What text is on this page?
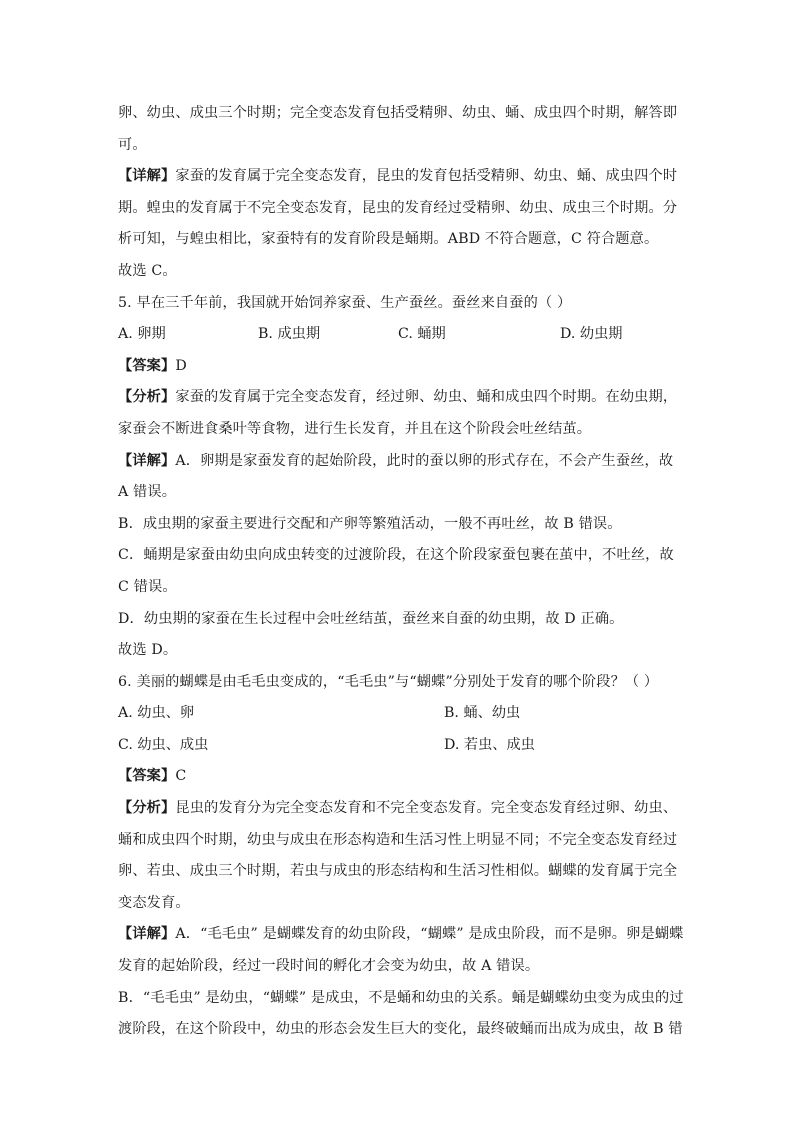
卵、幼虫、成虫三个时期；完全变态发育包括受精卵、幼虫、蛹、成虫四个时期，解答即
可。
【详解】家蚕的发育属于完全变态发育，昆虫的发育包括受精卵、幼虫、蛹、成虫四个时
期。蝗虫的发育属于不完全变态发育，昆虫的发育经过受精卵、幼虫、成虫三个时期。分
析可知，与蝗虫相比，家蚕特有的发育阶段是蛹期。ABD 不符合题意，C 符合题意。
故选 C。
5. 早在三千年前，我国就开始饲养家蚕、生产蚕丝。蚕丝来自蚕的（ ）
A. 卵期	B. 成虫期	C. 蛹期	D. 幼虫期
【答案】D
【分析】家蚕的发育属于完全变态发育，经过卵、幼虫、蛹和成虫四个时期。在幼虫期，
家蚕会不断进食桑叶等食物，进行生长发育，并且在这个阶段会吐丝结茧。
【详解】A．卵期是家蚕发育的起始阶段，此时的蚕以卵的形式存在，不会产生蚕丝，故
A 错误。
B．成虫期的家蚕主要进行交配和产卵等繁殖活动，一般不再吐丝，故 B 错误。
C．蛹期是家蚕由幼虫向成虫转变的过渡阶段，在这个阶段家蚕包裹在茧中，不吐丝，故
C 错误。
D．幼虫期的家蚕在生长过程中会吐丝结茧，蚕丝来自蚕的幼虫期，故 D 正确。
故选 D。
6. 美丽的蝴蝶是由毛毛虫变成的，“毛毛虫”与“蝴蝶”分别处于发育的哪个阶段？（ ）
A. 幼虫、卵	B. 蛹、幼虫
C. 幼虫、成虫	D. 若虫、成虫
【答案】C
【分析】昆虫的发育分为完全变态发育和不完全变态发育。完全变态发育经过卵、幼虫、
蛹和成虫四个时期，幼虫与成虫在形态构造和生活习性上明显不同；不完全变态发育经过
卵、若虫、成虫三个时期，若虫与成虫的形态结构和生活习性相似。蝴蝶的发育属于完全
变态发育。
【详解】A．“毛毛虫” 是蝴蝶发育的幼虫阶段，“蝴蝶” 是成虫阶段，而不是卵。卵是蝴蝶
发育的起始阶段，经过一段时间的孵化才会变为幼虫，故 A 错误。
B．“毛毛虫” 是幼虫，“蝴蝶” 是成虫，不是蛹和幼虫的关系。蛹是蝴蝶幼虫变为成虫的过
渡阶段，在这个阶段中，幼虫的形态会发生巨大的变化，最终破蛹而出成为成虫，故 B 错
